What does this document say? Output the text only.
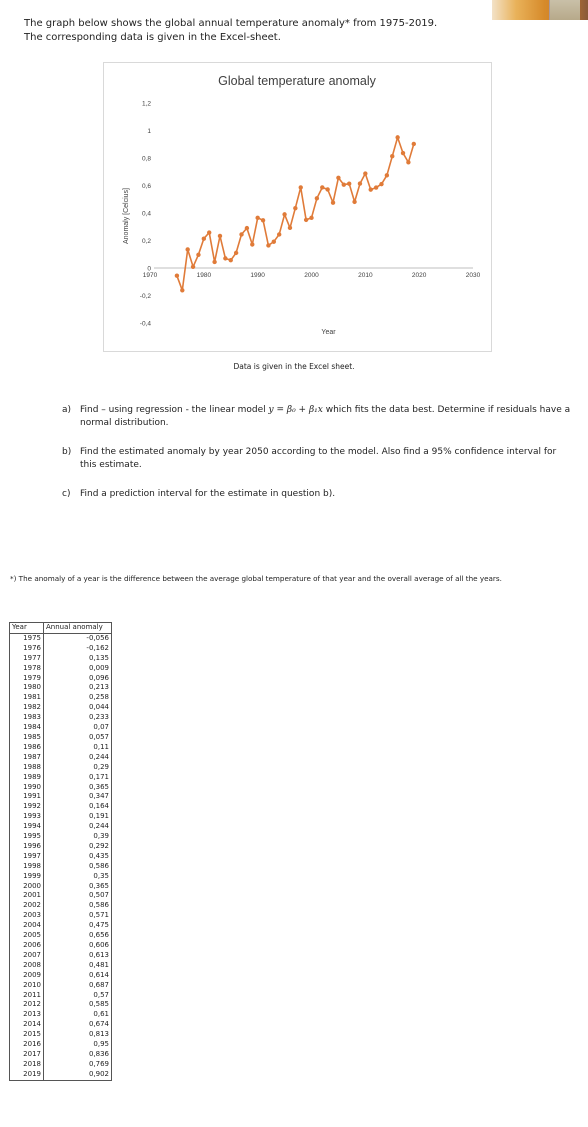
The graph below shows the global annual temperature anomaly* from 1975-2019.
The corresponding data is given in the Excel-sheet.
Global temperature anomaly
1,2
1
0,8
0,6
0,4
0,2
0
-0,2
-0,4
1970	1980	1990	2000	2010	2020	2030
Anomaly [Celcius]
Year
Data is given in the Excel sheet.
a) Find – using regression - the linear model y = β₀ + β₁x which fits the data best. Determine if residuals have a normal distribution.
b) Find the estimated anomaly by year 2050 according to the model. Also find a 95% confidence interval for this estimate.
c)	Find a prediction interval for the estimate in question b).
*) The anomaly of a year is the difference between the average global temperature of that year and the overall average of all the years.
Year	Annual anomaly
1975	-0,056
1976	-0,162
1977	0,135
1978	0,009
1979	0,096
1980	0,213
1981	0,258
1982	0,044
1983	0,233
1984	0,07
1985	0,057
1986	0,11
1987	0,244
1988	0,29
1989	0,171
1990	0,365
1991	0,347
1992	0,164
1993	0,191
1994	0,244
1995	0,39
1996	0,292
1997	0,435
1998	0,586
1999	0,35
2000	0,365
2001	0,507
2002	0,586
2003	0,571
2004	0,475
2005	0,656
2006	0,606
2007	0,613
2008	0,481
2009	0,614
2010	0,687
2011	0,57
2012	0,585
2013	0,61
2014	0,674
2015	0,813
2016	0,95
2017	0,836
2018	0,769
2019	0,902
